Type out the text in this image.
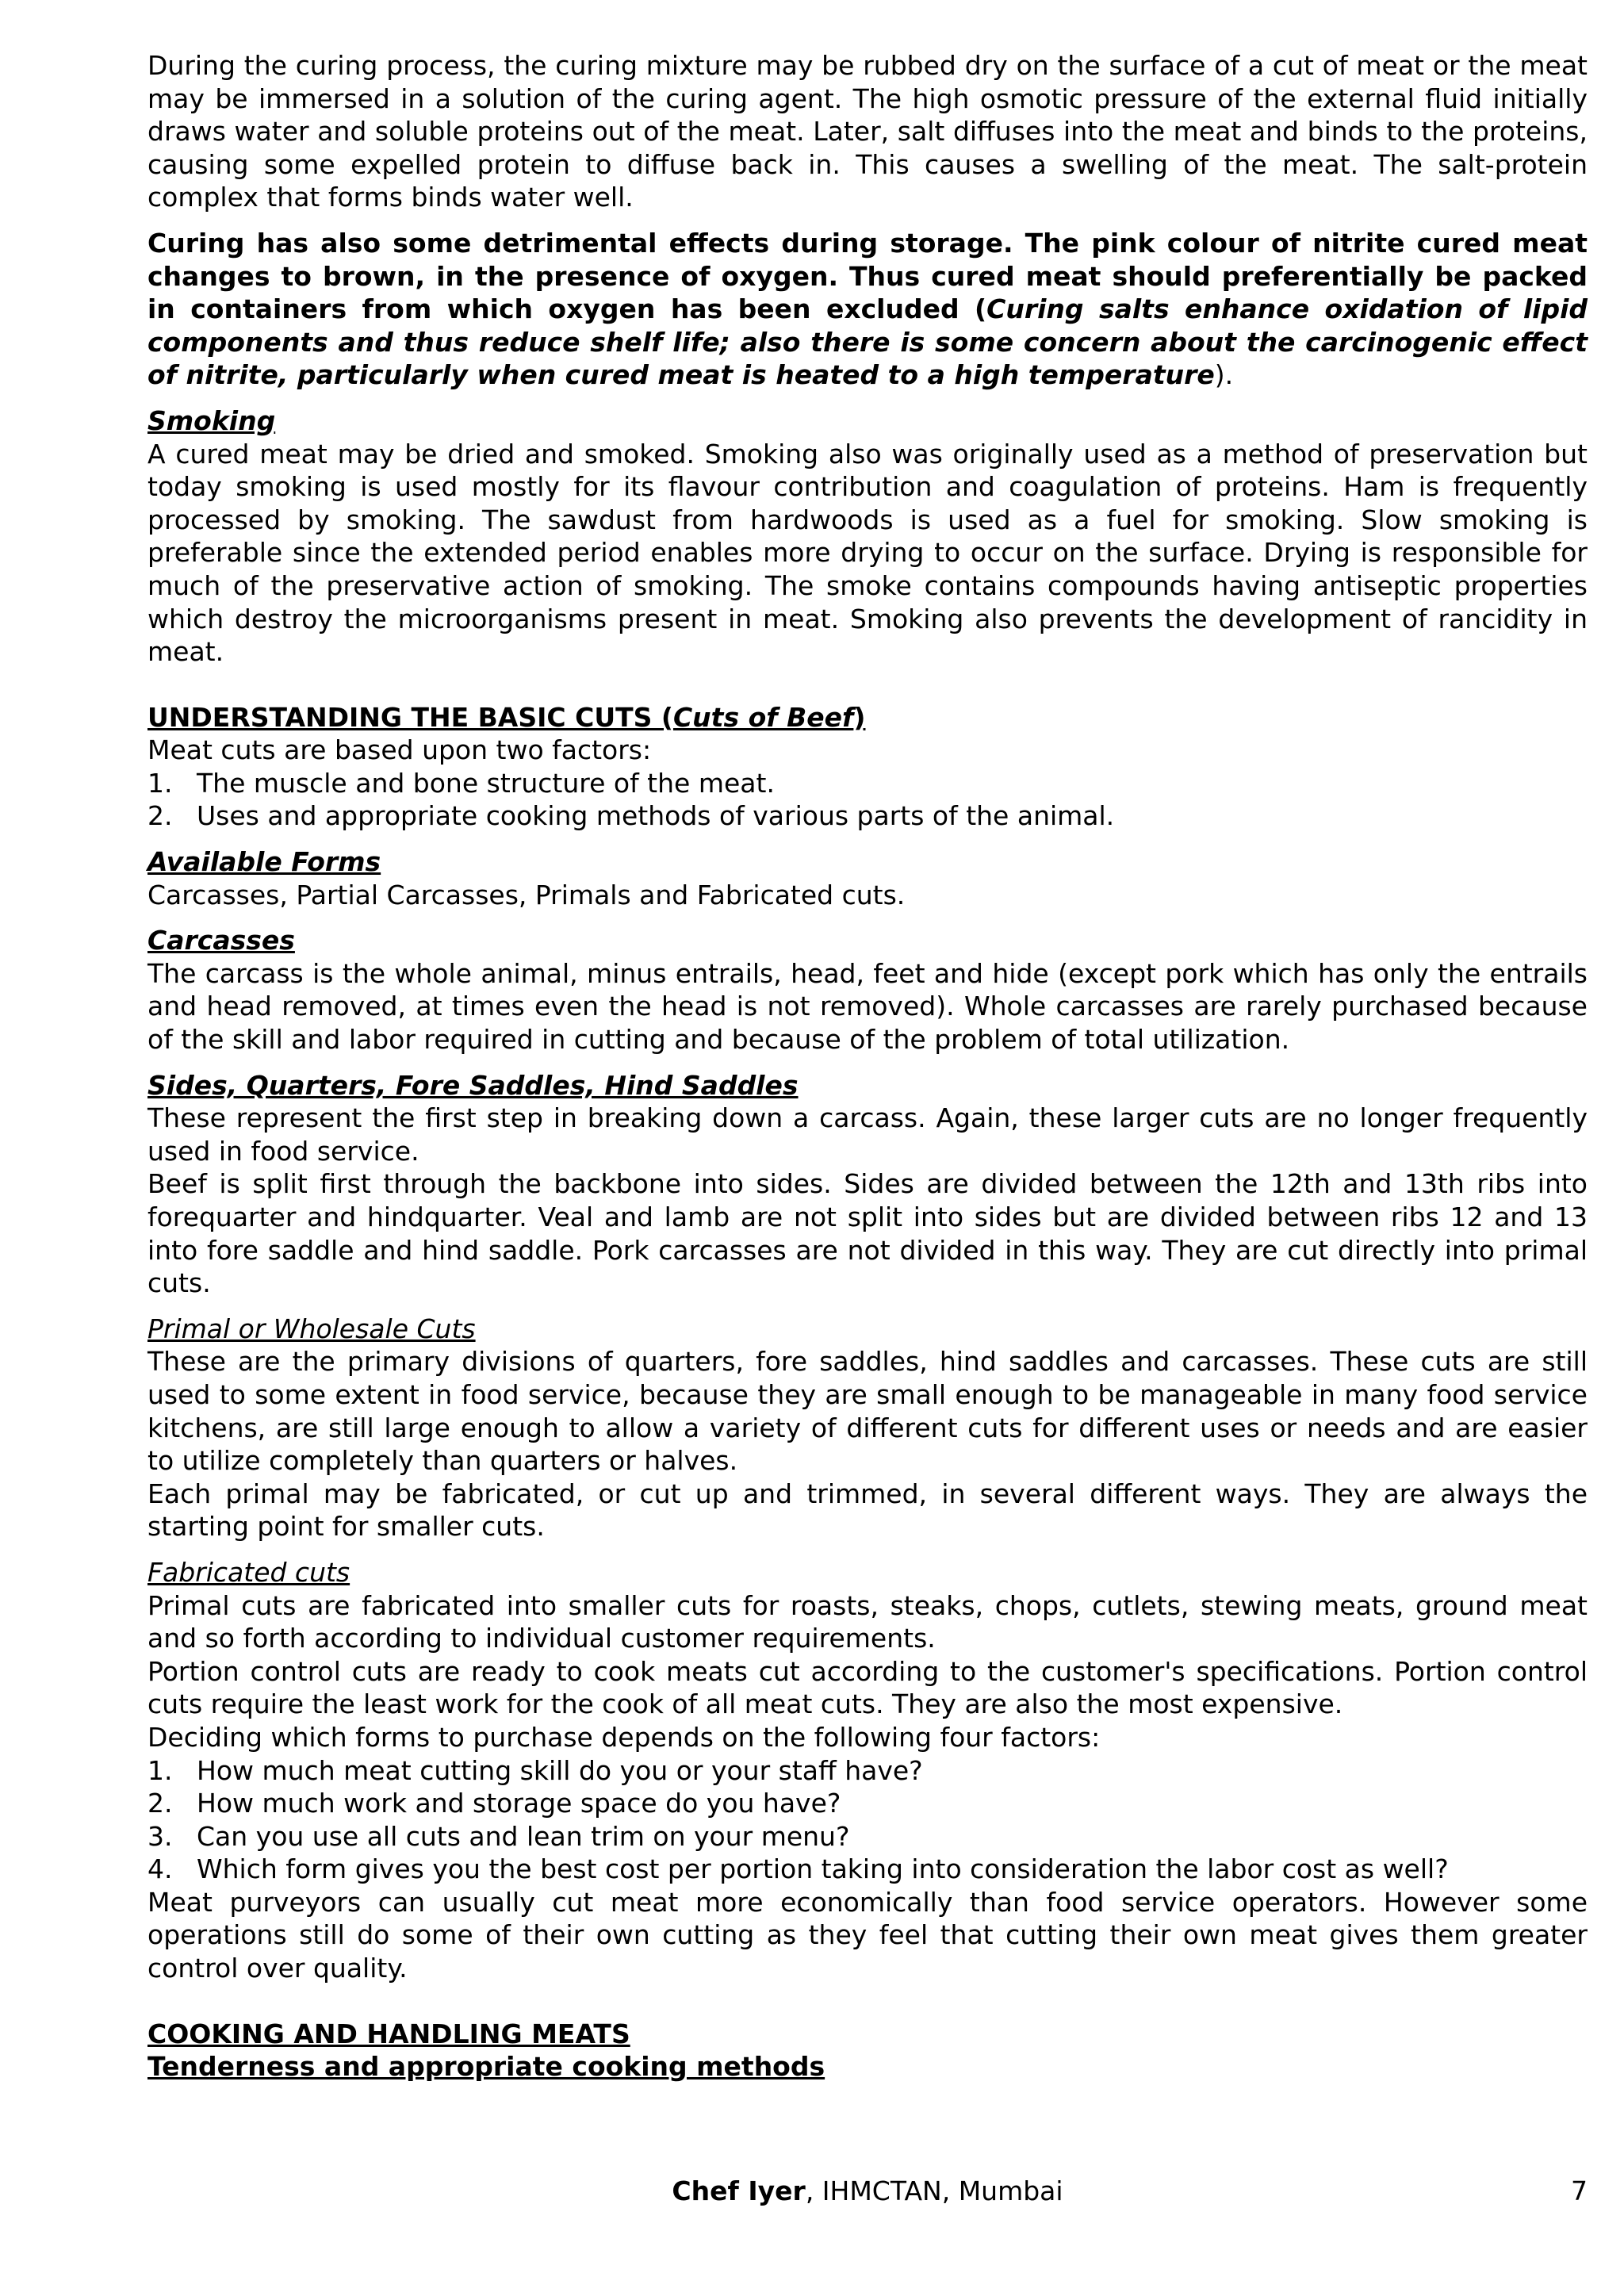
During the curing process, the curing mixture may be rubbed dry on the surface of a cut of meat or the meat may be immersed in a solution of the curing agent. The high osmotic pressure of the external fluid initially draws water and soluble proteins out of the meat. Later, salt diffuses into the meat and binds to the proteins, causing some expelled protein to diffuse back in. This causes a swelling of the meat. The salt-protein complex that forms binds water well.

Curing has also some detrimental effects during storage. The pink colour of nitrite cured meat changes to brown, in the presence of oxygen. Thus cured meat should preferentially be packed in containers from which oxygen has been excluded (Curing salts enhance oxidation of lipid components and thus reduce shelf life; also there is some concern about the carcinogenic effect of nitrite, particularly when cured meat is heated to a high temperature).

Smoking

A cured meat may be dried and smoked. Smoking also was originally used as a method of preservation but today smoking is used mostly for its flavour contribution and coagulation of proteins. Ham is frequently processed by smoking. The sawdust from hardwoods is used as a fuel for smoking. Slow smoking is preferable since the extended period enables more drying to occur on the surface. Drying is responsible for much of the preservative action of smoking. The smoke contains compounds having antiseptic properties which destroy the microorganisms present in meat. Smoking also prevents the development of rancidity in meat.

UNDERSTANDING THE BASIC CUTS (Cuts of Beef)

Meat cuts are based upon two factors:

1. The muscle and bone structure of the meat.
2. Uses and appropriate cooking methods of various parts of the animal.

Available Forms

Carcasses, Partial Carcasses, Primals and Fabricated cuts.

Carcasses

The carcass is the whole animal, minus entrails, head, feet and hide (except pork which has only the entrails and head removed, at times even the head is not removed). Whole carcasses are rarely purchased because of the skill and labor required in cutting and because of the problem of total utilization.

Sides, Quarters, Fore Saddles, Hind Saddles

These represent the first step in breaking down a carcass. Again, these larger cuts are no longer frequently used in food service.

Beef is split first through the backbone into sides. Sides are divided between the 12th and 13th ribs into forequarter and hindquarter. Veal and lamb are not split into sides but are divided between ribs 12 and 13 into fore saddle and hind saddle. Pork carcasses are not divided in this way. They are cut directly into primal cuts.

Primal or Wholesale Cuts

These are the primary divisions of quarters, fore saddles, hind saddles and carcasses. These cuts are still used to some extent in food service, because they are small enough to be manageable in many food service kitchens, are still large enough to allow a variety of different cuts for different uses or needs and are easier to utilize completely than quarters or halves.

Each primal may be fabricated, or cut up and trimmed, in several different ways. They are always the starting point for smaller cuts.

Fabricated cuts

Primal cuts are fabricated into smaller cuts for roasts, steaks, chops, cutlets, stewing meats, ground meat and so forth according to individual customer requirements.

Portion control cuts are ready to cook meats cut according to the customer's specifications. Portion control cuts require the least work for the cook of all meat cuts. They are also the most expensive.

Deciding which forms to purchase depends on the following four factors:

1. How much meat cutting skill do you or your staff have?
2. How much work and storage space do you have?
3. Can you use all cuts and lean trim on your menu?
4. Which form gives you the best cost per portion taking into consideration the labor cost as well?

Meat purveyors can usually cut meat more economically than food service operators. However some operations still do some of their own cutting as they feel that cutting their own meat gives them greater control over quality.

COOKING AND HANDLING MEATS

Tenderness and appropriate cooking methods

Chef Iyer, IHMCTAN, Mumbai	7
